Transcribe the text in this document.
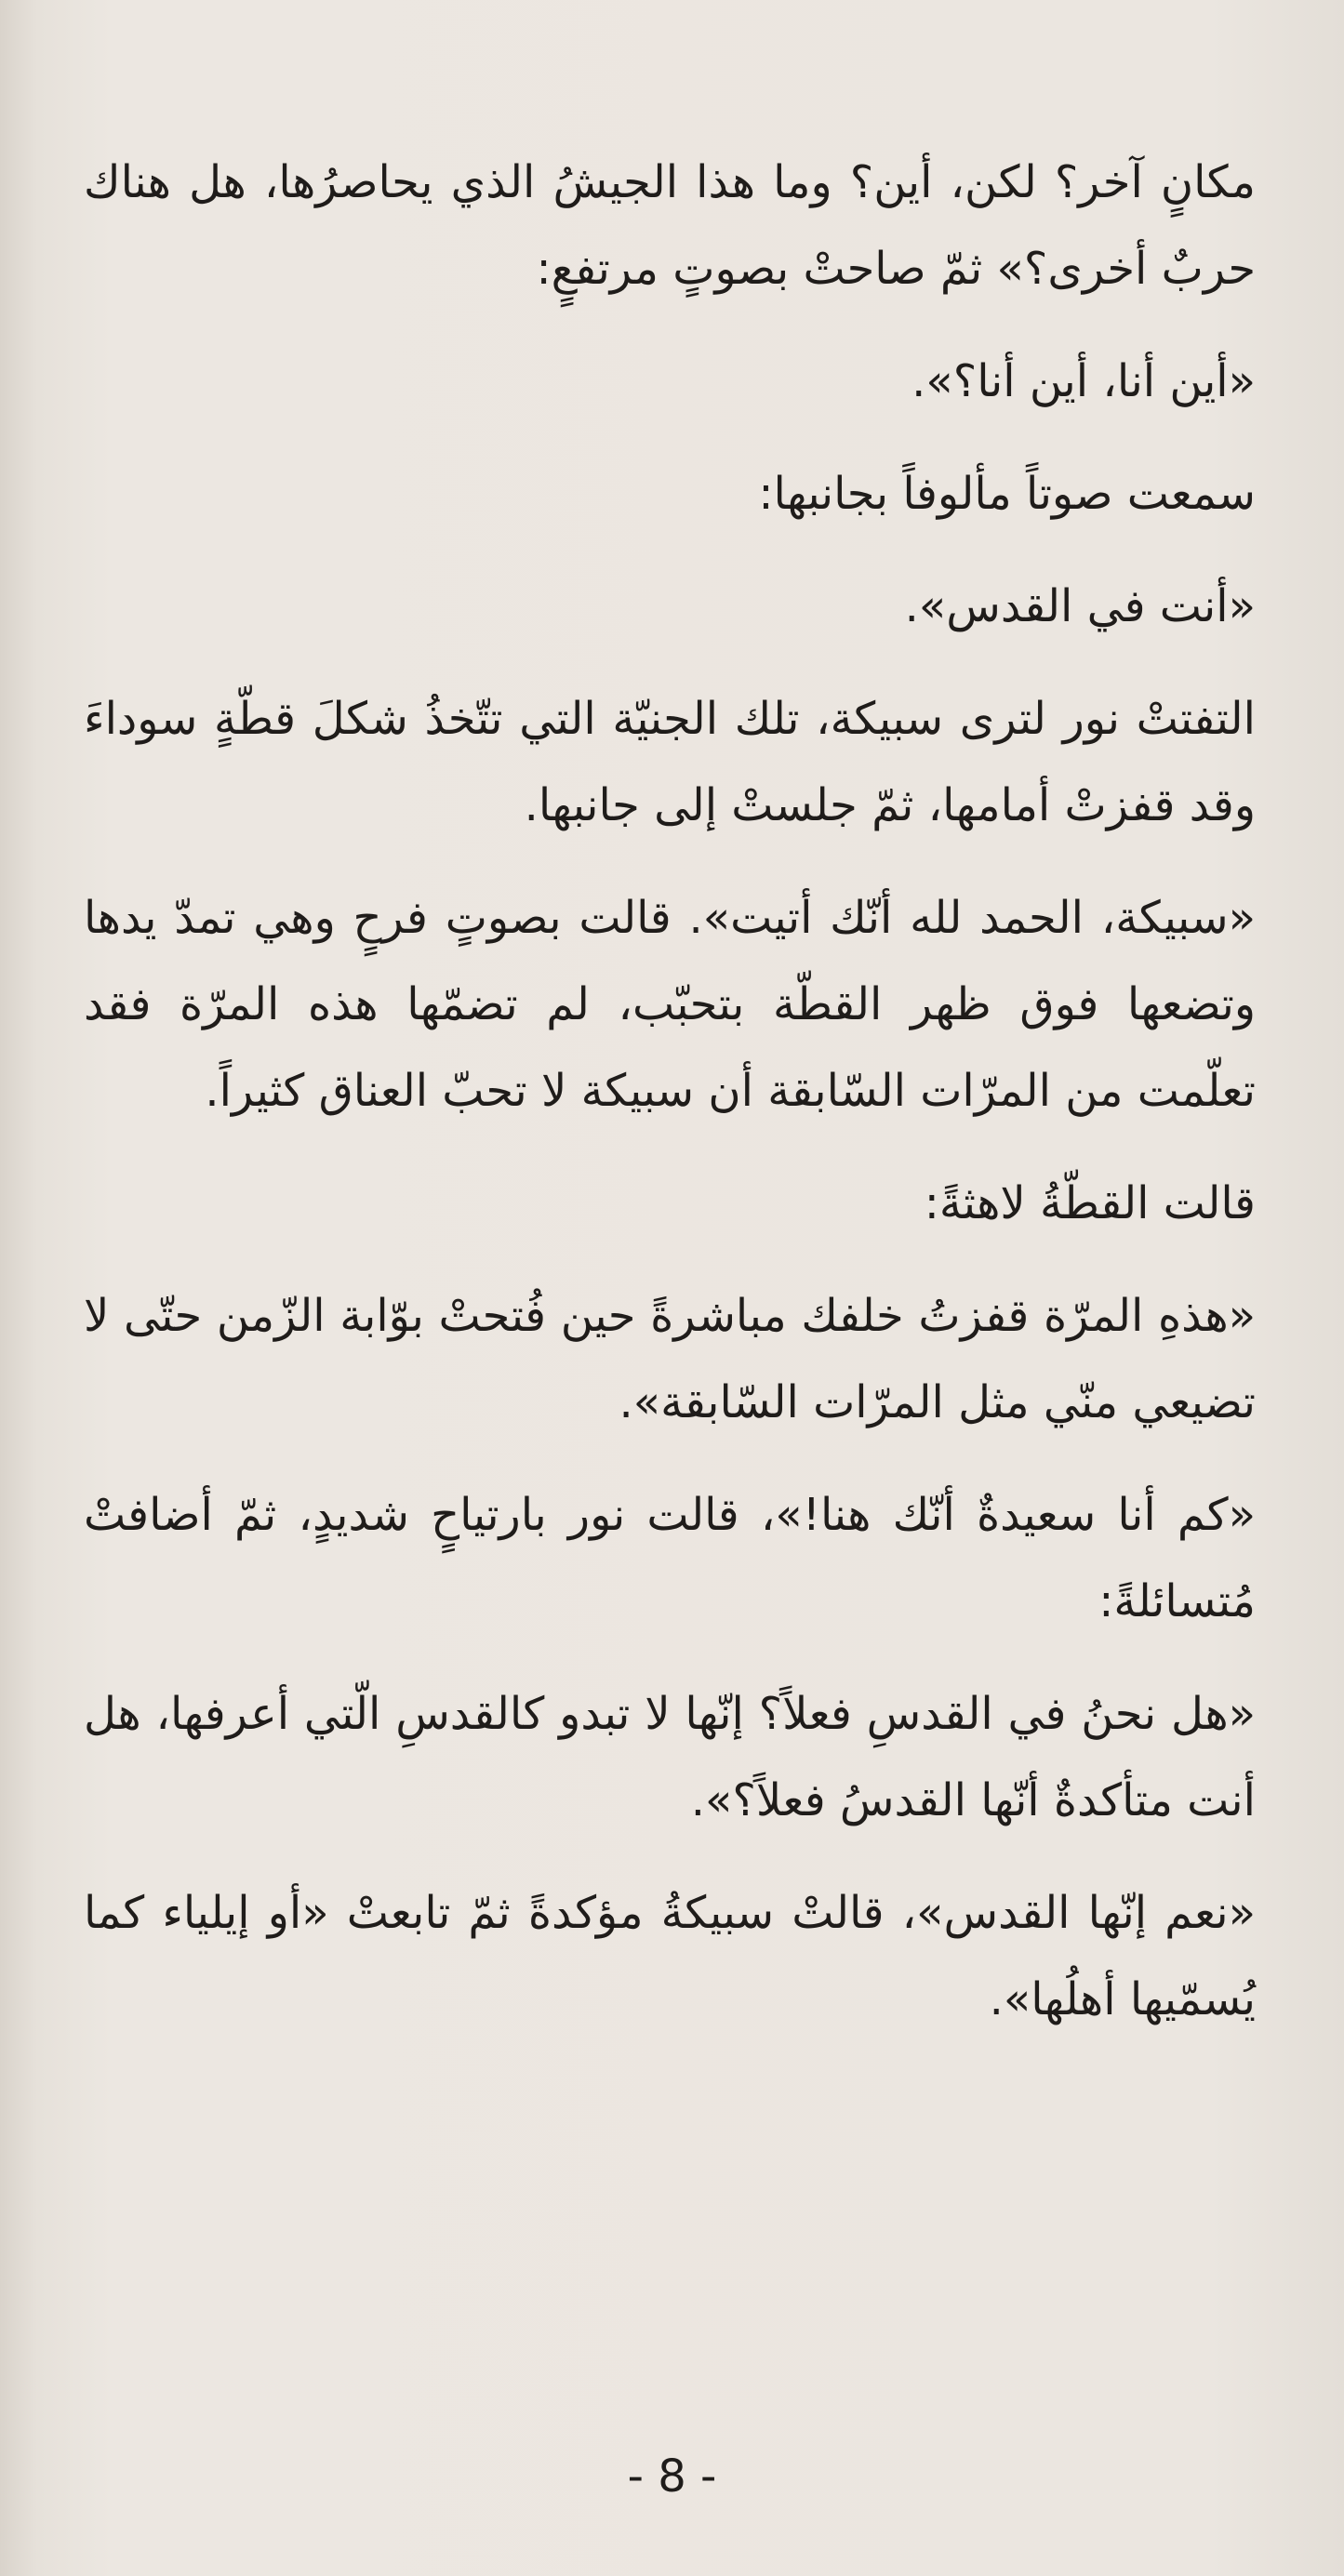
مكانٍ آخر؟ لكن، أين؟ وما هذا الجيشُ الذي يحاصرُها، هل هناك حربٌ أخرى؟» ثمّ صاحتْ بصوتٍ مرتفعٍ:

«أين أنا، أين أنا؟».

سمعت صوتاً مألوفاً بجانبها:

«أنت في القدس».

التفتتْ نور لترى سبيكة، تلك الجنيّة التي تتّخذُ شكلَ قطّةٍ سوداءَ وقد قفزتْ أمامها، ثمّ جلستْ إلى جانبها.

«سبيكة، الحمد لله أنّك أتيت». قالت بصوتٍ فرحٍ وهي تمدّ يدها وتضعها فوق ظهر القطّة بتحبّب، لم تضمّها هذه المرّة فقد تعلّمت من المرّات السّابقة أن سبيكة لا تحبّ العناق كثيراً.

قالت القطّةُ لاهثةً:

«هذهِ المرّة قفزتُ خلفك مباشرةً حين فُتحتْ بوّابة الزّمن حتّى لا تضيعي منّي مثل المرّات السّابقة».

«كم أنا سعيدةٌ أنّك هنا!»، قالت نور بارتياحٍ شديدٍ، ثمّ أضافتْ مُتسائلةً:

«هل نحنُ في القدسِ فعلاً؟ إنّها لا تبدو كالقدسِ الّتي أعرفها، هل أنت متأكدةٌ أنّها القدسُ فعلاً؟».

«نعم إنّها القدس»، قالتْ سبيكةُ مؤكدةً ثمّ تابعتْ «أو إيلياء كما يُسمّيها أهلُها».

- 8 -
